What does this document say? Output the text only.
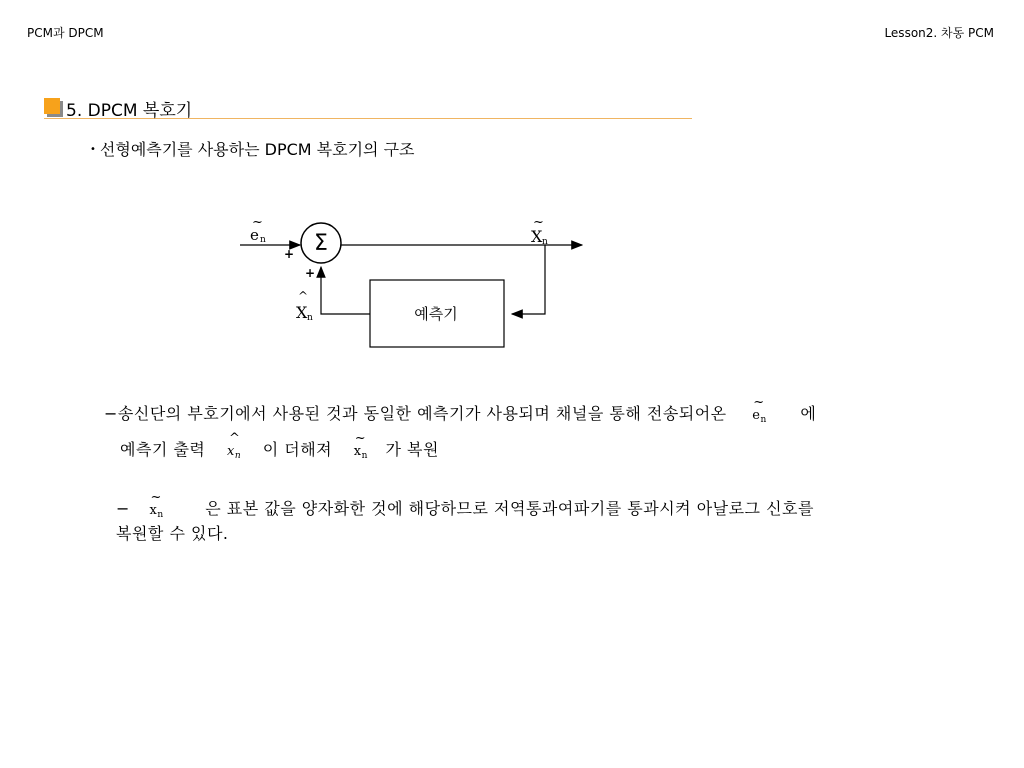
PCM과 DPCM	Lesson2. 차동 PCM
5. DPCM 복호기
• 선형예측기를 사용하는 DPCM 복호기의 구조
Σ
예측기
+
+
~
e n
~
X n
^
X n
−송신단의 부호기에서 사용된 것과 동일한 예측기가 사용되며 채널을 통해 전송되어온
~
$e_n$ 에
예측기 출력
^
$x_n$ 이 더해져
~
$x_n$ 가 복원
−
~
$x_n$	은 표본 값을 양자화한 것에 해당하므로 저역통과여파기를 통과시켜 아날로그 신호를
복원할 수 있다.
